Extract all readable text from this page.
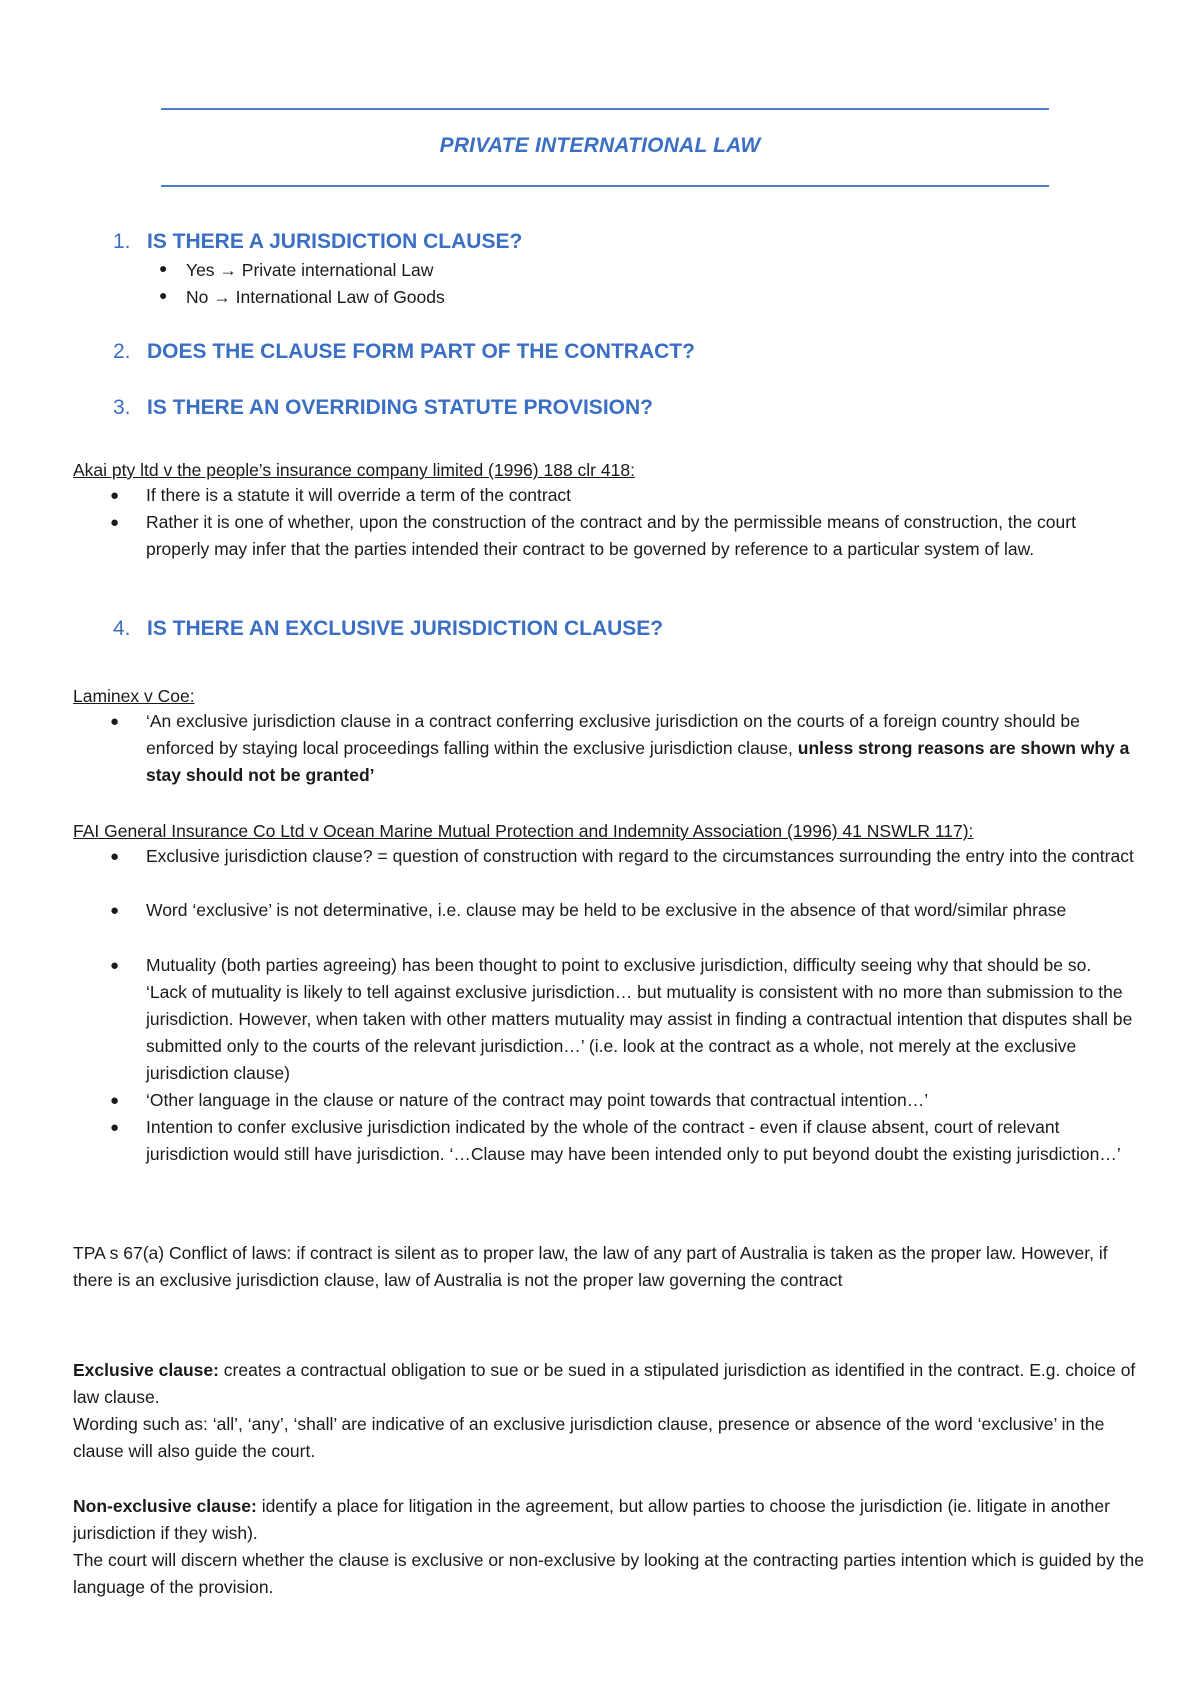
PRIVATE INTERNATIONAL LAW
1. IS THERE A JURISDICTION CLAUSE?
● Yes → Private international Law
● No → International Law of Goods
2. DOES THE CLAUSE FORM PART OF THE CONTRACT?
3. IS THERE AN OVERRIDING STATUTE PROVISION?
Akai pty ltd v the people’s insurance company limited (1996) 188 clr 418:
● If there is a statute it will override a term of the contract
● Rather it is one of whether, upon the construction of the contract and by the permissible means of construction, the court properly may infer that the parties intended their contract to be governed by reference to a particular system of law.
4. IS THERE AN EXCLUSIVE JURISDICTION CLAUSE?
Laminex v Coe:
● ‘An exclusive jurisdiction clause in a contract conferring exclusive jurisdiction on the courts of a foreign country should be enforced by staying local proceedings falling within the exclusive jurisdiction clause, unless strong reasons are shown why a stay should not be granted’
FAI General Insurance Co Ltd v Ocean Marine Mutual Protection and Indemnity Association (1996) 41 NSWLR 117):
● Exclusive jurisdiction clause? = question of construction with regard to the circumstances surrounding the entry into the contract
● Word ‘exclusive’ is not determinative, i.e. clause may be held to be exclusive in the absence of that word/similar phrase
● Mutuality (both parties agreeing) has been thought to point to exclusive jurisdiction, difficulty seeing why that should be so. ‘Lack of mutuality is likely to tell against exclusive jurisdiction… but mutuality is consistent with no more than submission to the jurisdiction. However, when taken with other matters mutuality may assist in finding a contractual intention that disputes shall be submitted only to the courts of the relevant jurisdiction…’ (i.e. look at the contract as a whole, not merely at the exclusive jurisdiction clause)
● ‘Other language in the clause or nature of the contract may point towards that contractual intention…’
● Intention to confer exclusive jurisdiction indicated by the whole of the contract - even if clause absent, court of relevant jurisdiction would still have jurisdiction. ‘…Clause may have been intended only to put beyond doubt the existing jurisdiction…’
TPA s 67(a) Conflict of laws: if contract is silent as to proper law, the law of any part of Australia is taken as the proper law. However, if there is an exclusive jurisdiction clause, law of Australia is not the proper law governing the contract
Exclusive clause: creates a contractual obligation to sue or be sued in a stipulated jurisdiction as identified in the contract. E.g. choice of law clause.
Wording such as: ‘all’, ‘any’, ‘shall’ are indicative of an exclusive jurisdiction clause, presence or absence of the word ‘exclusive’ in the clause will also guide the court.
Non-exclusive clause: identify a place for litigation in the agreement, but allow parties to choose the jurisdiction (ie. litigate in another jurisdiction if they wish).
The court will discern whether the clause is exclusive or non-exclusive by looking at the contracting parties intention which is guided by the language of the provision.
